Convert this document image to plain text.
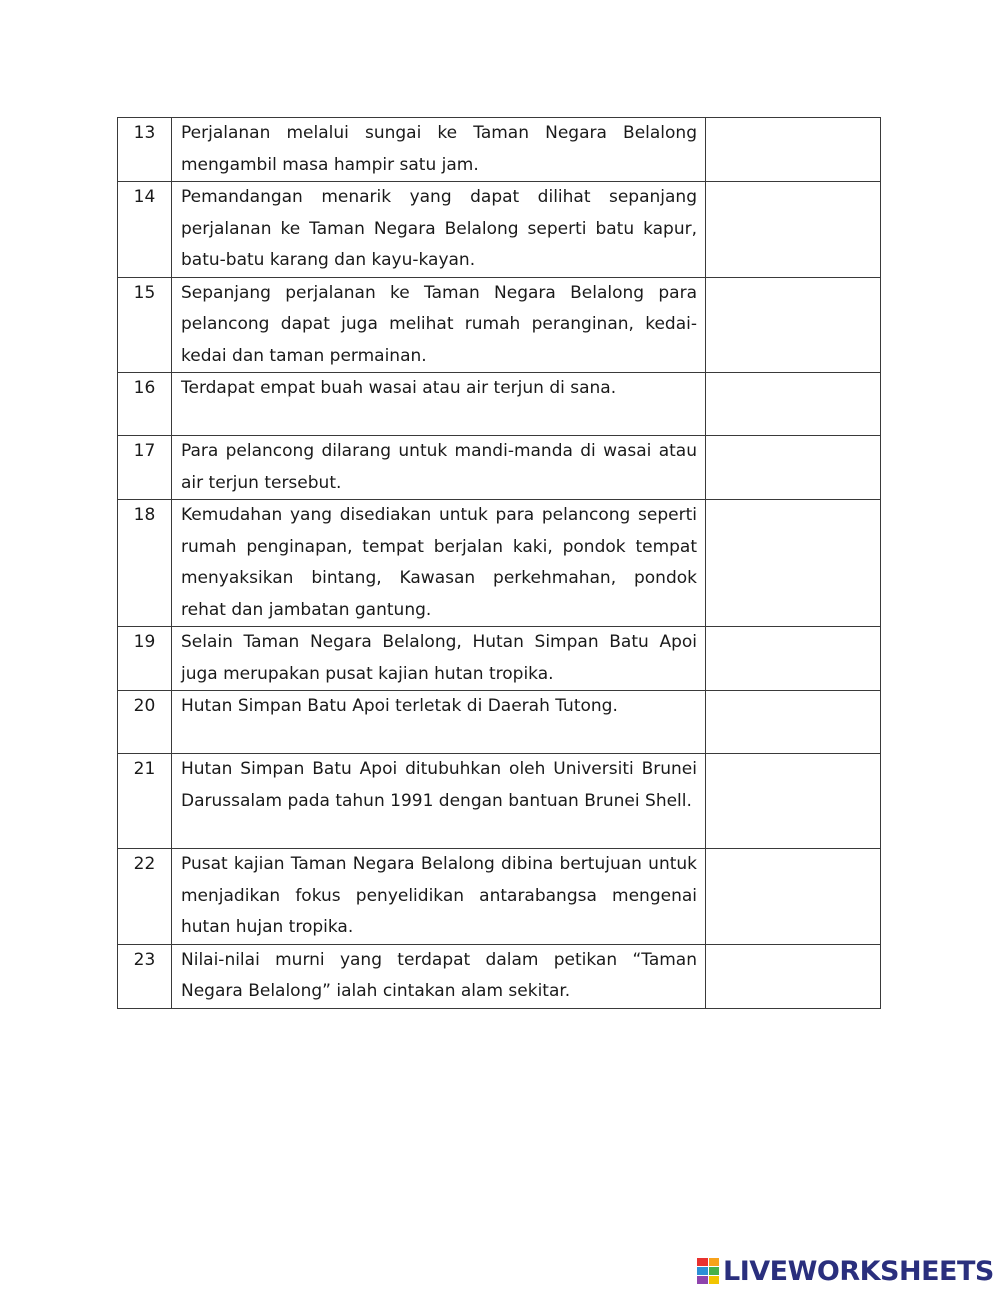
13	Perjalanan melalui sungai ke Taman Negara Belalong mengambil masa hampir satu jam.	
14	Pemandangan menarik yang dapat dilihat sepanjang perjalanan ke Taman Negara Belalong seperti batu kapur, batu-batu karang dan kayu-kayan.	
15	Sepanjang perjalanan ke Taman Negara Belalong para pelancong dapat juga melihat rumah peranginan, kedai-kedai dan taman permainan.	
16	Terdapat empat buah wasai atau air terjun di sana.	
17	Para pelancong dilarang untuk mandi-manda di wasai atau air terjun tersebut.	
18	Kemudahan yang disediakan untuk para pelancong seperti rumah penginapan, tempat berjalan kaki, pondok tempat menyaksikan bintang, Kawasan perkehmahan, pondok rehat dan jambatan gantung.	
19	Selain Taman Negara Belalong, Hutan Simpan Batu Apoi juga merupakan pusat kajian hutan tropika.	
20	Hutan Simpan Batu Apoi terletak di Daerah Tutong.	
21	Hutan Simpan Batu Apoi ditubuhkan oleh Universiti Brunei Darussalam pada tahun 1991 dengan bantuan Brunei Shell.	
22	Pusat kajian Taman Negara Belalong dibina bertujuan untuk menjadikan fokus penyelidikan antarabangsa mengenai hutan hujan tropika.	
23	Nilai-nilai murni yang terdapat dalam petikan “Taman Negara Belalong” ialah cintakan alam sekitar.	
LIVEWORKSHEETS
